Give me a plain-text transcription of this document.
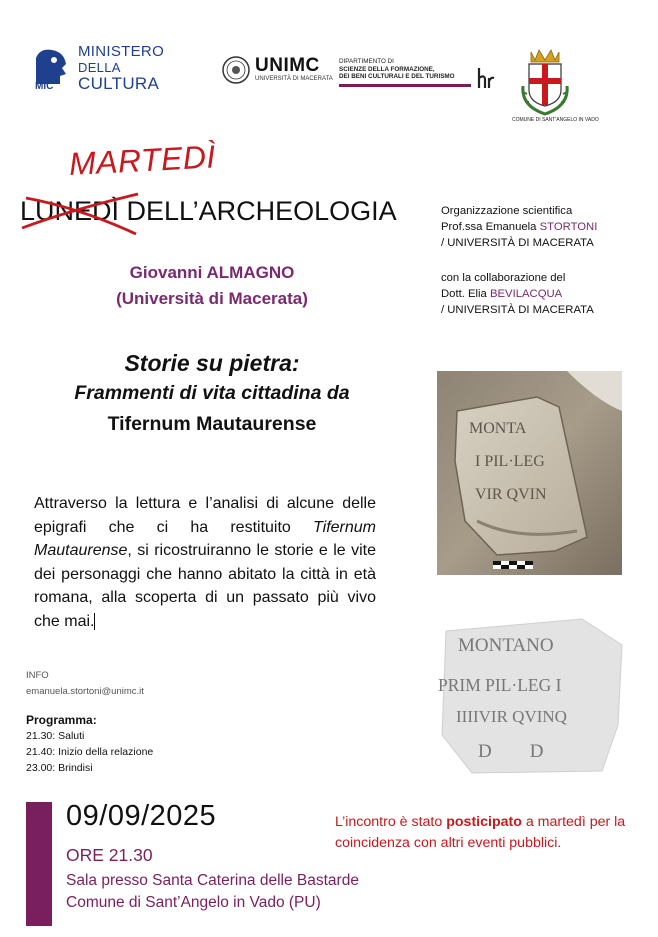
MiC
MINISTERO
DELLA
CULTURA
UNIMC
UNIVERSITÀ DI MACERATA
DIPARTIMENTO DI
SCIENZE DELLA FORMAZIONE,
DEI BENI CULTURALI E DEL TURISMO
COMUNE DI SANT'ANGELO IN VADO
MARTEDÌ
LUNEDÌ DELL’ARCHEOLOGIA
Giovanni ALMAGNO
(Università di Macerata)
Storie su pietra:
Frammenti di vita cittadina da
Tifernum Mautaurense
Attraverso la lettura e l’analisi di alcune delle epigrafi che ci ha restituito Tifernum Mautaurense, si ricostruiranno le storie e le vite dei personaggi che hanno abitato la città in età romana, alla scoperta di un passato più vivo che mai.

Organizzazione scientifica
Prof.ssa Emanuela STORTONI
/ UNIVERSITÀ DI MACERATA

con la collaborazione del
Dott. Elia BEVILACQUA
/ UNIVERSITÀ DI MACERATA

MONTA
I PIL·LEG
VIR QVIN
MONTANO
PRIM PIL·LEG I
IIIIVIR QVINQ
D        D
INFO
emanuela.stortoni@unimc.it
Programma:
21.30: Saluti
21.40: Inizio della relazione
23.00: Brindisi
09/09/2025
ORE 21.30
Sala presso Santa Caterina delle Bastarde
Comune di Sant’Angelo in Vado (PU)
L’incontro è stato posticipato a martedì per la coincidenza con altri eventi pubblici.
